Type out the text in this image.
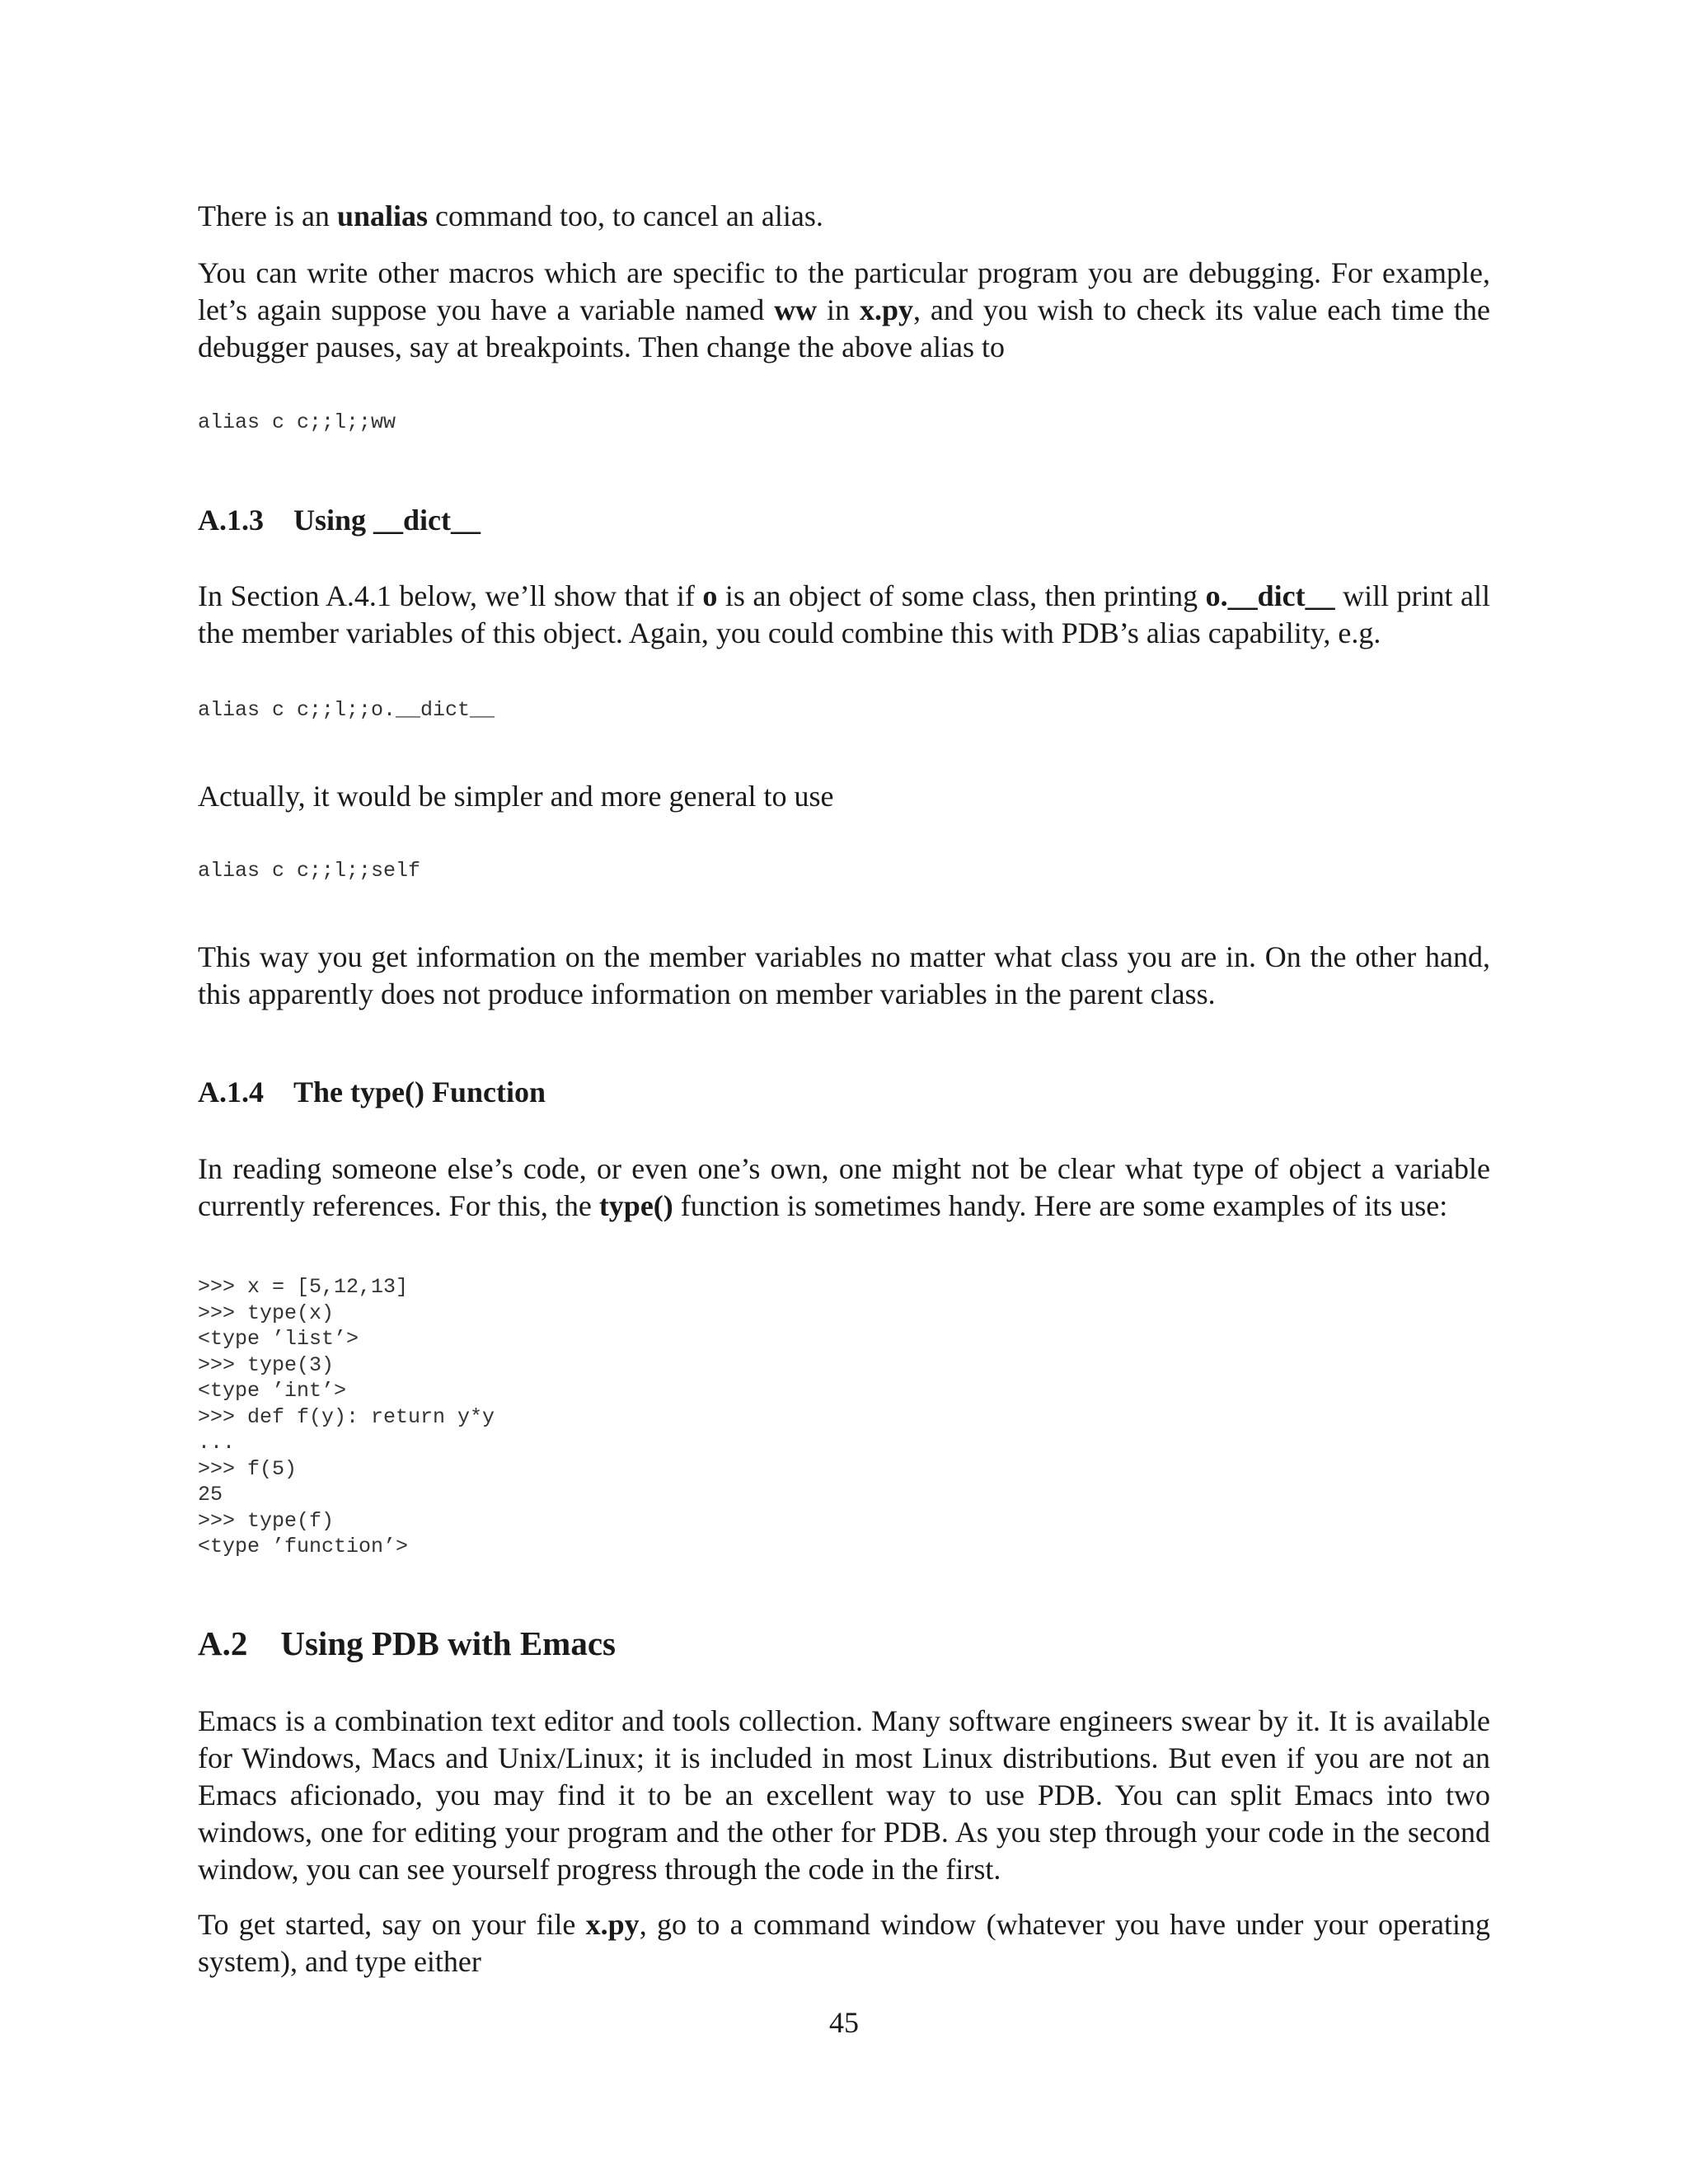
There is an unalias command too, to cancel an alias.

You can write other macros which are specific to the particular program you are debugging. For example, let’s again suppose you have a variable named ww in x.py, and you wish to check its value each time the debugger pauses, say at breakpoints. Then change the above alias to

alias c c;;l;;ww
A.1.3 Using __dict__

In Section A.4.1 below, we’ll show that if o is an object of some class, then printing o.__dict__ will print all the member variables of this object. Again, you could combine this with PDB’s alias capability, e.g.

alias c c;;l;;o.__dict__

Actually, it would be simpler and more general to use

alias c c;;l;;self

This way you get information on the member variables no matter what class you are in. On the other hand, this apparently does not produce information on member variables in the parent class.

A.1.4 The type() Function

In reading someone else’s code, or even one’s own, one might not be clear what type of object a variable currently references. For this, the type() function is sometimes handy. Here are some examples of its use:

>>> x = [5,12,13]
>>> type(x)
<type ’list’>
>>> type(3)
<type ’int’>
>>> def f(y): return y*y
...
>>> f(5)
25
>>> type(f)
<type ’function’>
A.2 Using PDB with Emacs

Emacs is a combination text editor and tools collection. Many software engineers swear by it. It is available for Windows, Macs and Unix/Linux; it is included in most Linux distributions. But even if you are not an Emacs aficionado, you may find it to be an excellent way to use PDB. You can split Emacs into two windows, one for editing your program and the other for PDB. As you step through your code in the second window, you can see yourself progress through the code in the first.

To get started, say on your file x.py, go to a command window (whatever you have under your operating system), and type either

45
